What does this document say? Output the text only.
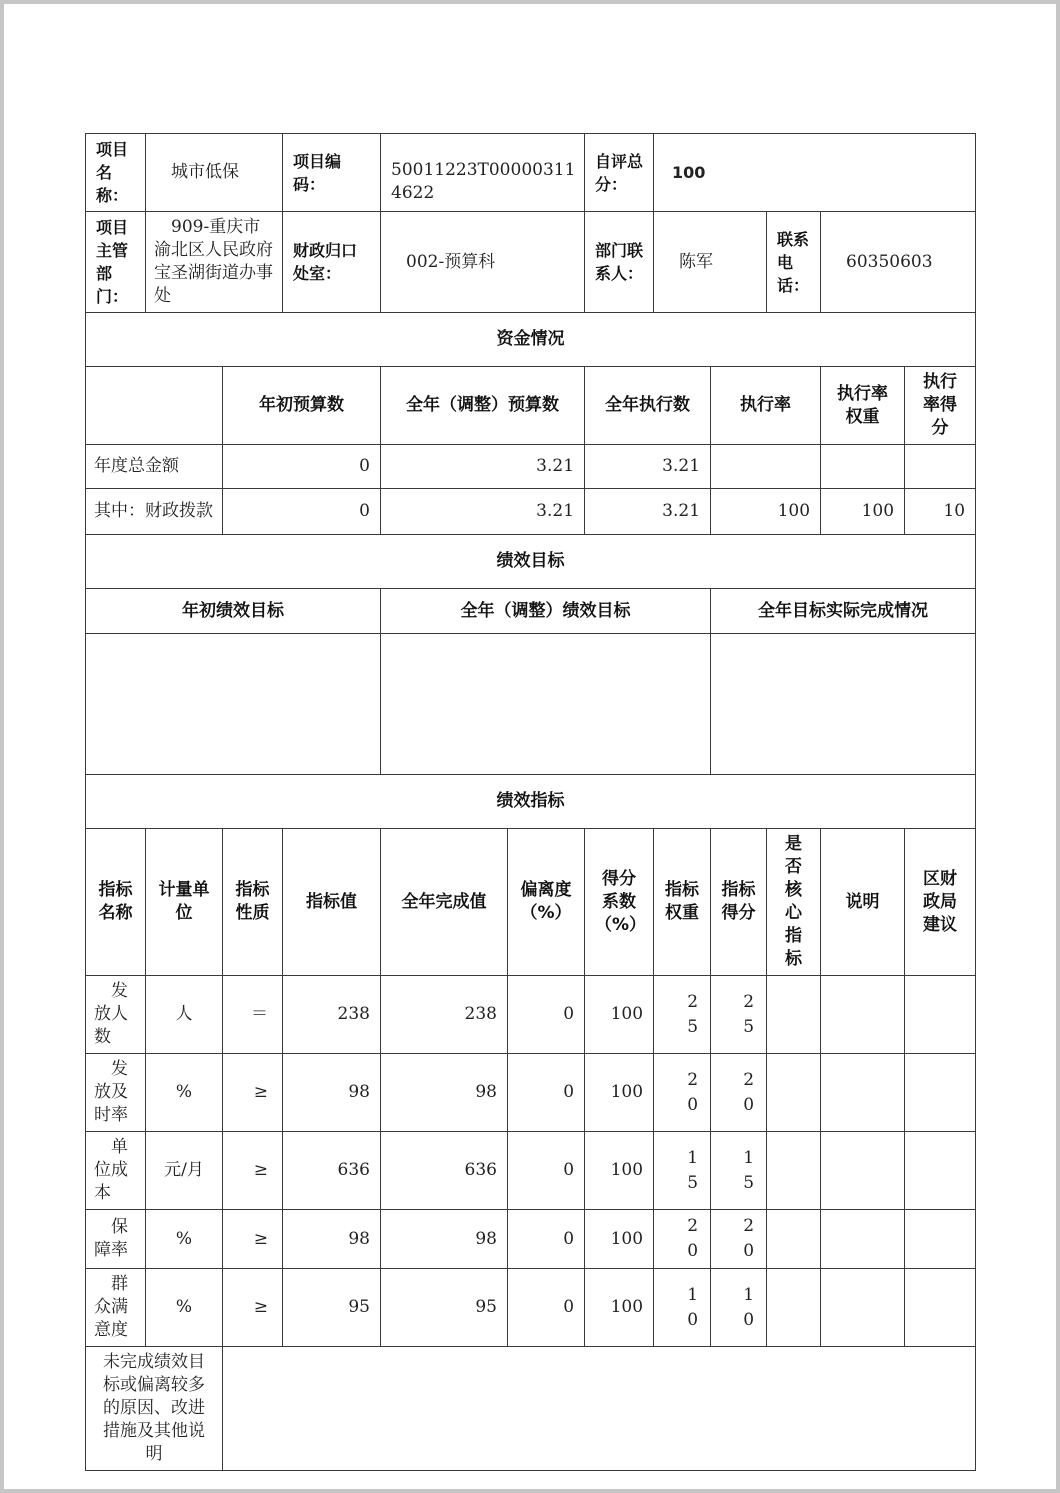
项目名称：	城市低保		项目编码：	50011223T000003114622		自评总分：	100				
项目主管部门：	909-重庆市渝北区人民政府宝圣湖街道办事处		财政归口处室：	002-预算科		部门联系人：	陈军		联系电话：	60350603	
资金情况											
		年初预算数		全年（调整）预算数		全年执行数		执行率		执行率权重	执行率得分
年度总金额		0		3.21		3.21					
其中：财政拨款		0		3.21		3.21		100		100	10
绩效目标											
年初绩效目标				全年（调整）绩效目标				全年目标实际完成情况			

绩效指标											
指标名称	计量单位	指标性质	指标值	全年完成值	偏离度（%）	得分系数（%）	指标权重	指标得分	是否核心指标	说明	区财政局建议
发放人数	人	＝	238	238	0	100	25	25			
发放及时率	%	≥	98	98	0	100	20	20			
单位成本	元/月	≥	636	636	0	100	15	15			
保障率	%	≥	98	98	0	100	20	20			
群众满意度	%	≥	95	95	0	100	10	10			
未完成绩效目标或偏离较多的原因、改进措施及其他说明											
